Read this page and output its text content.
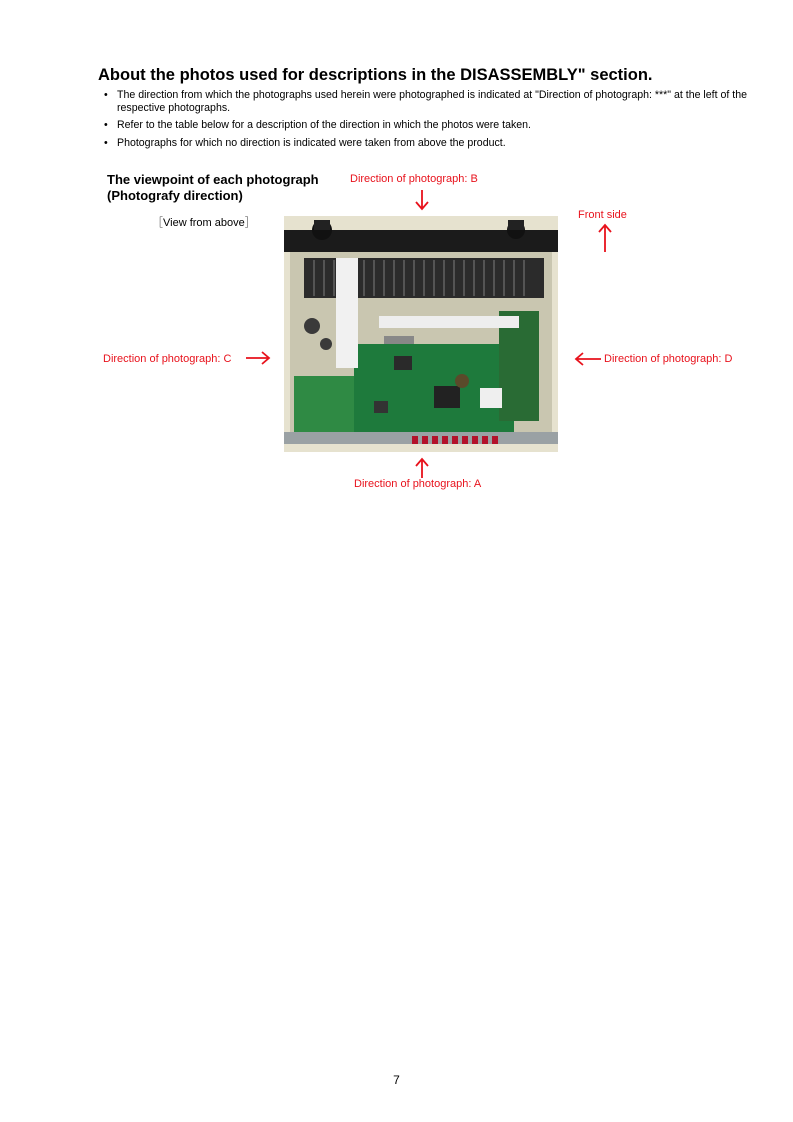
About the photos used for descriptions in the DISASSEMBLY" section.
• The direction from which the photographs used herein were photographed is indicated at "Direction of photograph: ***" at the left of the respective photographs.
• Refer to the table below for a description of the direction in which the photos were taken.
• Photographs for which no direction is indicated were taken from above the product.
The viewpoint of each photograph
(Photografy direction)
［View from above］
Direction of photograph: B
Front side
Direction of photograph: C	Direction of photograph: D
Direction of photograph: A
7
